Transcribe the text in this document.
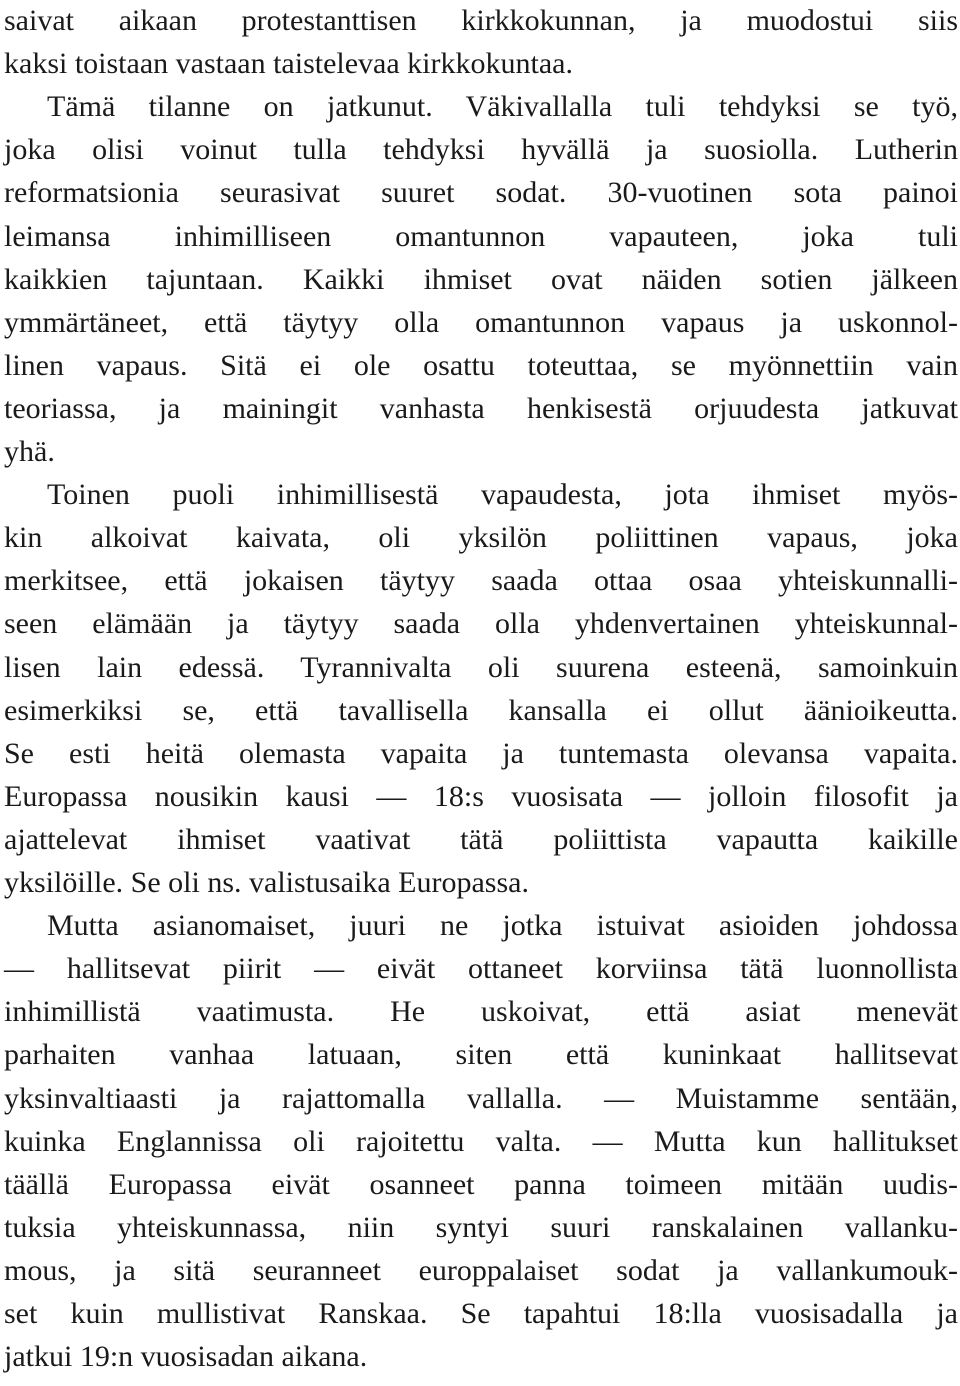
saivat aikaan protestanttisen kirkkokunnan, ja muodostui siis
kaksi toistaan vastaan taistelevaa kirkkokuntaa.
Tämä tilanne on jatkunut. Väkivallalla tuli tehdyksi se työ,
joka olisi voinut tulla tehdyksi hyvällä ja suosiolla. Lutherin
reformatsionia seurasivat suuret sodat. 30-vuotinen sota painoi
leimansa inhimilliseen omantunnon vapauteen, joka tuli
kaikkien tajuntaan. Kaikki ihmiset ovat näiden sotien jälkeen
ymmärtäneet, että täytyy olla omantunnon vapaus ja uskonnol-
linen vapaus. Sitä ei ole osattu toteuttaa, se myönnettiin vain
teoriassa, ja mainingit vanhasta henkisestä orjuudesta jatkuvat
yhä.
Toinen puoli inhimillisestä vapaudesta, jota ihmiset myös-
kin alkoivat kaivata, oli yksilön poliittinen vapaus, joka
merkitsee, että jokaisen täytyy saada ottaa osaa yhteiskunnalli-
seen elämään ja täytyy saada olla yhdenvertainen yhteiskunnal-
lisen lain edessä. Tyrannivalta oli suurena esteenä, samoinkuin
esimerkiksi se, että tavallisella kansalla ei ollut äänioikeutta.
Se esti heitä olemasta vapaita ja tuntemasta olevansa vapaita.
Europassa nousikin kausi — 18:s vuosisata — jolloin filosofit ja
ajattelevat ihmiset vaativat tätä poliittista vapautta kaikille
yksilöille. Se oli ns. valistusaika Europassa.
Mutta asianomaiset, juuri ne jotka istuivat asioiden johdossa
— hallitsevat piirit — eivät ottaneet korviinsa tätä luonnollista
inhimillistä vaatimusta. He uskoivat, että asiat menevät
parhaiten vanhaa latuaan, siten että kuninkaat hallitsevat
yksinvaltiaasti ja rajattomalla vallalla. — Muistamme sentään,
kuinka Englannissa oli rajoitettu valta. — Mutta kun hallitukset
täällä Europassa eivät osanneet panna toimeen mitään uudis-
tuksia yhteiskunnassa, niin syntyi suuri ranskalainen vallanku-
mous, ja sitä seuranneet europpalaiset sodat ja vallankumouk-
set kuin mullistivat Ranskaa. Se tapahtui 18:lla vuosisadalla ja
jatkui 19:n vuosisadan aikana.
